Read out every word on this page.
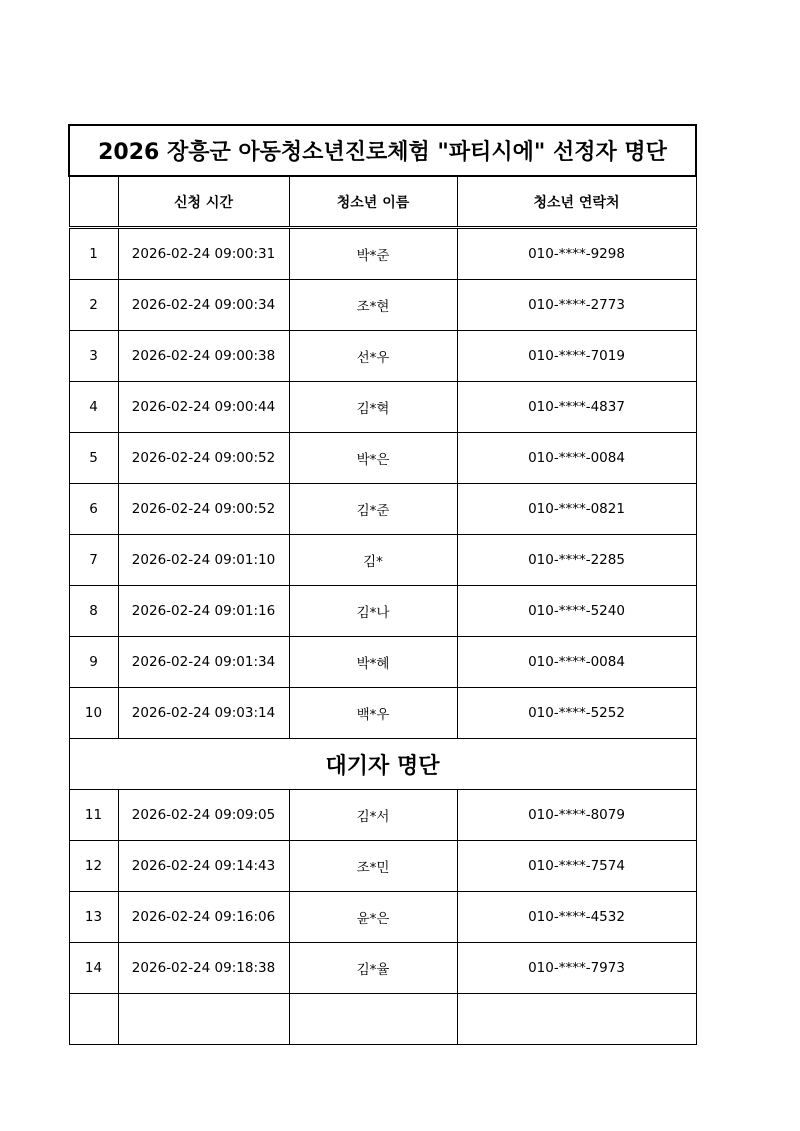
2026 장흥군 아동청소년진로체험 "파티시에" 선정자 명단			
	신청 시간	청소년 이름	청소년 연락처
1	2026-02-24 09:00:31	박*준	010-****-9298
2	2026-02-24 09:00:34	조*현	010-****-2773
3	2026-02-24 09:00:38	선*우	010-****-7019
4	2026-02-24 09:00:44	김*혁	010-****-4837
5	2026-02-24 09:00:52	박*은	010-****-0084
6	2026-02-24 09:00:52	김*준	010-****-0821
7	2026-02-24 09:01:10	김*	010-****-2285
8	2026-02-24 09:01:16	김*나	010-****-5240
9	2026-02-24 09:01:34	박*혜	010-****-0084
10	2026-02-24 09:03:14	백*우	010-****-5252
대기자 명단			
11	2026-02-24 09:09:05	김*서	010-****-8079
12	2026-02-24 09:14:43	조*민	010-****-7574
13	2026-02-24 09:16:06	윤*은	010-****-4532
14	2026-02-24 09:18:38	김*율	010-****-7973
